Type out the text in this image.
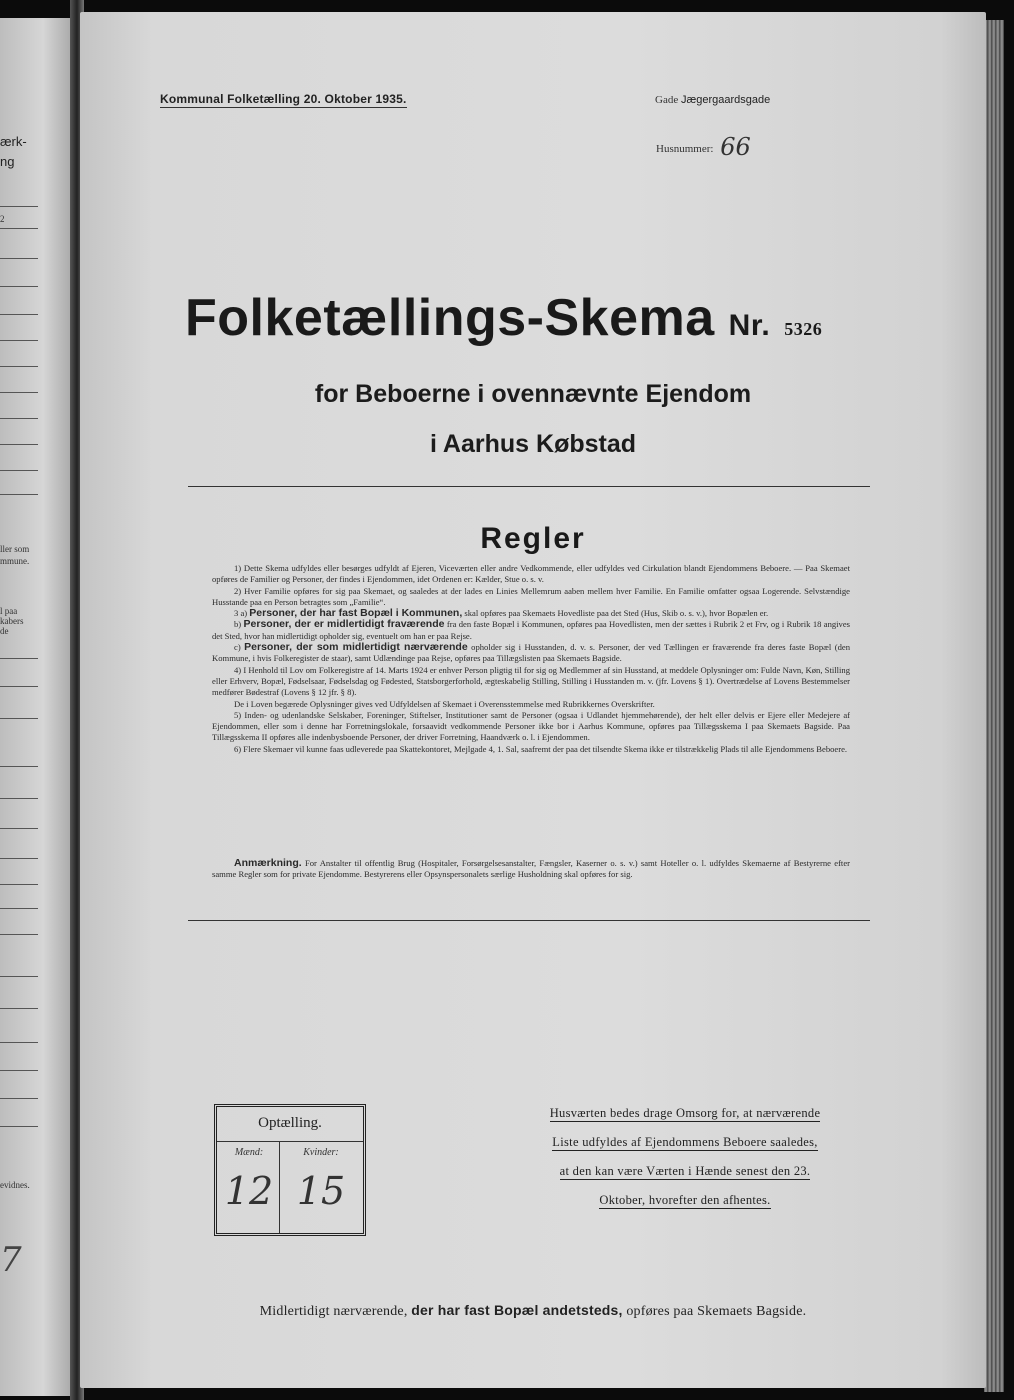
ærk-
ng
2
ller som
mmune.
l paa
kabers
de
evidnes.
7
Kommunal Folketælling 20. Oktober 1935.	Gade Jægergaardsgade
Husnummer: 66
Folketællings-Skema Nr. 5326
for Beboerne i ovennævnte Ejendom
i Aarhus Købstad
Regler

1) Dette Skema udfyldes eller besørges udfyldt af Ejeren, Viceværten eller andre Vedkommende, eller udfyldes ved Cirkulation blandt Ejendommens Beboere. — Paa Skemaet opføres de Familier og Personer, der findes i Ejendommen, idet Ordenen er: Kælder, Stue o. s. v.

2) Hver Familie opføres for sig paa Skemaet, og saaledes at der lades en Linies Mellemrum aaben mellem hver Familie. En Familie omfatter ogsaa Logerende. Selvstændige Husstande paa en Person betragtes som „Familie“.

3 a) Personer, der har fast Bopæl i Kommunen, skal opføres paa Skemaets Hovedliste paa det Sted (Hus, Skib o. s. v.), hvor Bopælen er.

b) Personer, der er midlertidigt fraværende fra den faste Bopæl i Kommunen, opføres paa Hovedlisten, men der sættes i Rubrik 2 et Frv, og i Rubrik 18 angives det Sted, hvor han midlertidigt opholder sig, eventuelt om han er paa Rejse.

c) Personer, der som midlertidigt nærværende opholder sig i Husstanden, d. v. s. Personer, der ved Tællingen er fraværende fra deres faste Bopæl (den Kommune, i hvis Folkeregister de staar), samt Udlændinge paa Rejse, opføres paa Tillægslisten paa Skemaets Bagside.

4) I Henhold til Lov om Folkeregistre af 14. Marts 1924 er enhver Person pligtig til for sig og Medlemmer af sin Husstand, at meddele Oplysninger om: Fulde Navn, Køn, Stilling eller Erhverv, Bopæl, Fødselsaar, Fødselsdag og Fødested, Statsborgerforhold, ægteskabelig Stilling, Stilling i Husstanden m. v. (jfr. Lovens § 1). Overtrædelse af Lovens Bestemmelser medfører Bødestraf (Lovens § 12 jfr. § 8).

De i Loven begærede Oplysninger gives ved Udfyldelsen af Skemaet i Overensstemmelse med Rubrikkernes Overskrifter.

5) Inden- og udenlandske Selskaber, Foreninger, Stiftelser, Institutioner samt de Personer (ogsaa i Udlandet hjemmehørende), der helt eller delvis er Ejere eller Medejere af Ejendommen, eller som i denne har Forretningslokale, forsaavidt vedkommende Personer ikke bor i Aarhus Kommune, opføres paa Tillægsskema I paa Skemaets Bagside. Paa Tillægsskema II opføres alle indenbysboende Personer, der driver Forretning, Haandværk o. l. i Ejendommen.

6) Flere Skemaer vil kunne faas udleverede paa Skattekontoret, Mejlgade 4, 1. Sal, saafremt der paa det tilsendte Skema ikke er tilstrækkelig Plads til alle Ejendommens Beboere.

Anmærkning. For Anstalter til offentlig Brug (Hospitaler, Forsørgelsesanstalter, Fængsler, Kaserner o. s. v.) samt Hoteller o. l. udfyldes Skemaerne af Bestyrerne efter samme Regler som for private Ejendomme. Bestyrerens eller Opsynspersonalets særlige Husholdning skal opføres for sig.

Optælling.
Mænd:	Kvinder:
12 15
Husværten bedes drage Omsorg for, at nærværende
Liste udfyldes af Ejendommens Beboere saaledes,
at den kan være Værten i Hænde senest den 23.
Oktober, hvorefter den afhentes.
Midlertidigt nærværende, der har fast Bopæl andetsteds, opføres paa Skemaets Bagside.
